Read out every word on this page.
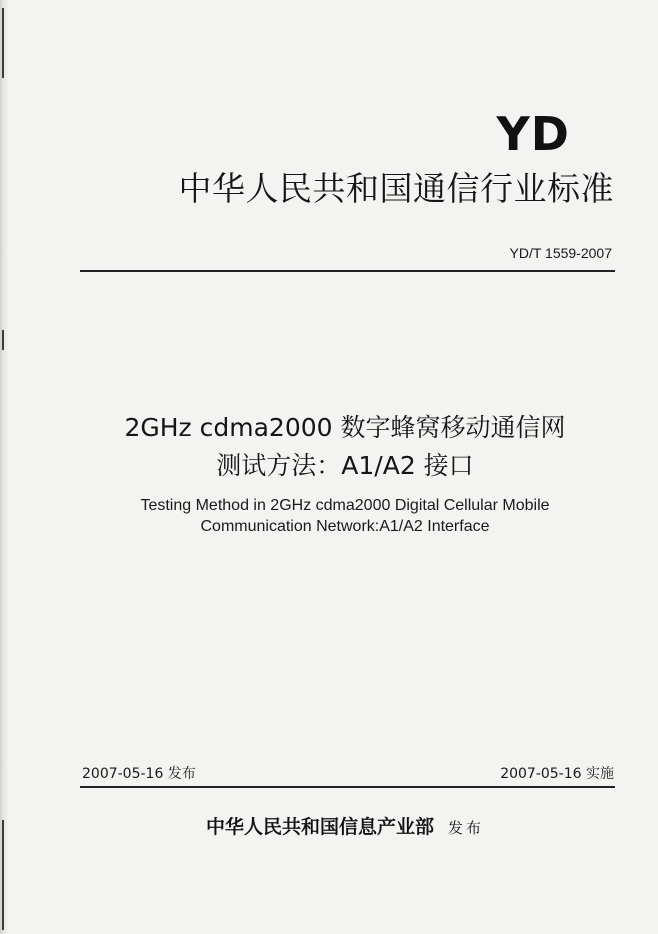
YD
中华人民共和国通信行业标准
YD/T 1559-2007
2GHz cdma2000 数字蜂窝移动通信网
测试方法：A1/A2 接口
Testing Method in 2GHz cdma2000 Digital Cellular Mobile
Communication Network:A1/A2 Interface
2007-05-16 发布	2007-05-16 实施
中华人民共和国信息产业部 发布
